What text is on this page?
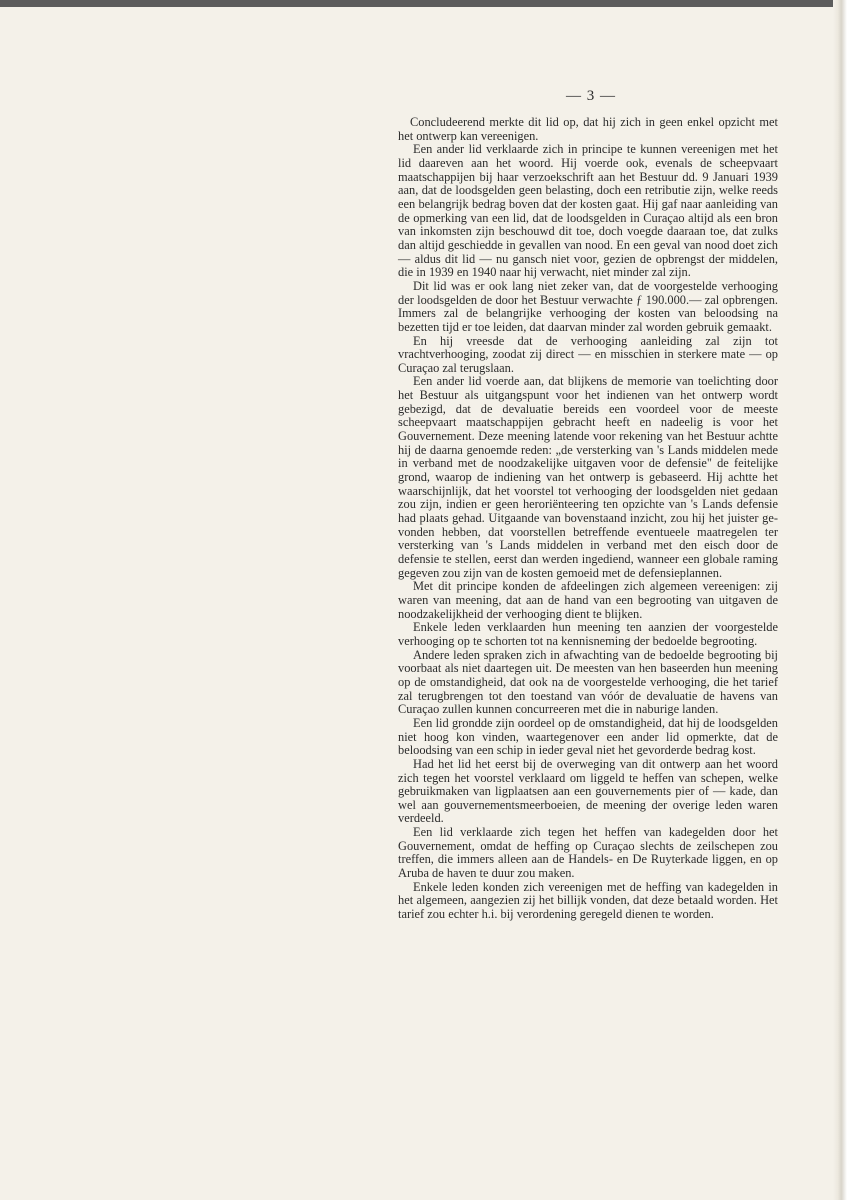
— 3 —

Concludeerend merkte dit lid op, dat hij zich in geen enkel opzicht met het ontwerp kan vereenigen.

Een ander lid verklaarde zich in principe te kunnen vereenigen met het lid daareven aan het woord. Hij voerde ook, evenals de scheepvaart maatschappijen bij haar verzoekschrift aan het Bestuur dd. 9 Januari 1939 aan, dat de loodsgelden geen belasting, doch een retributie zijn, welke reeds een belangrijk bedrag boven dat der kosten gaat. Hij gaf naar aanleiding van de opmerking van een lid, dat de loodsgelden in Curaçao altijd als een bron van inkomsten zijn beschouwd dit toe, doch voegde daaraan toe, dat zulks dan altijd geschiedde in gevallen van nood. En een geval van nood doet zich — aldus dit lid — nu gansch niet voor, gezien de opbrengst der middelen, die in 1939 en 1940 naar hij verwacht, niet minder zal zijn.

Dit lid was er ook lang niet zeker van, dat de voorgestelde verhooging der loodsgelden de door het Bestuur verwachte ƒ 190.000.— zal opbrengen. Immers zal de belangrijke verhooging der kosten van beloodsing na bezetten tijd er toe leiden, dat daarvan minder zal worden gebruik gemaakt.

En hij vreesde dat de verhooging aanleiding zal zijn tot vrachtverhooging, zoodat zij direct — en misschien in sterkere mate — op Curaçao zal terugslaan.

Een ander lid voerde aan, dat blijkens de memorie van toelichting door het Bestuur als uitgangspunt voor het indienen van het ontwerp wordt gebezigd, dat de devaluatie bereids een voordeel voor de meeste scheepvaart maatschappijen gebracht heeft en nadeelig is voor het Gouvernement. Deze meening latende voor rekening van het Bestuur achtte hij de daarna genoemde reden: „de versterking van 's Lands middelen mede in verband met de noodzakelijke uitgaven voor de defensie" de feitelijke grond, waarop de indiening van het ontwerp is gebaseerd. Hij achtte het waarschijnlijk, dat het voorstel tot verhooging der loodsgelden niet gedaan zou zijn, indien er geen heroriënteering ten opzichte van 's Lands defensie had plaats gehad. Uitgaande van bovenstaand inzicht, zou hij het juister gevonden hebben, dat voorstellen betreffende eventueele maatregelen ter versterking van 's Lands middelen in verband met den eisch door de defensie te stellen, eerst dan werden ingediend, wanneer een globale raming gegeven zou zijn van de kosten gemoeid met de defensieplannen.

Met dit principe konden de afdeelingen zich algemeen vereenigen: zij waren van meening, dat aan de hand van een begrooting van uitgaven de noodzakelijkheid der verhooging dient te blijken.

Enkele leden verklaarden hun meening ten aanzien der voorgestelde verhooging op te schorten tot na kennisneming der bedoelde begrooting.

Andere leden spraken zich in afwachting van de bedoelde begrooting bij voorbaat als niet daartegen uit. De meesten van hen baseerden hun meening op de omstandigheid, dat ook na de voorgestelde verhooging, die het tarief zal terugbrengen tot den toestand van vóór de devaluatie de havens van Curaçao zullen kunnen concurreeren met die in naburige landen.

Een lid grondde zijn oordeel op de omstandigheid, dat hij de loodsgelden niet hoog kon vinden, waartegenover een ander lid opmerkte, dat de beloodsing van een schip in ieder geval niet het gevorderde bedrag kost.

Had het lid het eerst bij de overweging van dit ontwerp aan het woord zich tegen het voorstel verklaard om liggeld te heffen van schepen, welke gebruikmaken van ligplaatsen aan een gouvernements pier of — kade, dan wel aan gouvernementsmeerboeien, de meening der overige leden waren verdeeld.

Een lid verklaarde zich tegen het heffen van kadegelden door het Gouvernement, omdat de heffing op Curaçao slechts de zeilschepen zou treffen, die immers alleen aan de Handels- en De Ruyterkade liggen, en op Aruba de haven te duur zou maken.

Enkele leden konden zich vereenigen met de heffing van kadegelden in het algemeen, aangezien zij het billijk vonden, dat deze betaald worden. Het tarief zou echter h.i. bij verordening geregeld dienen te worden.
